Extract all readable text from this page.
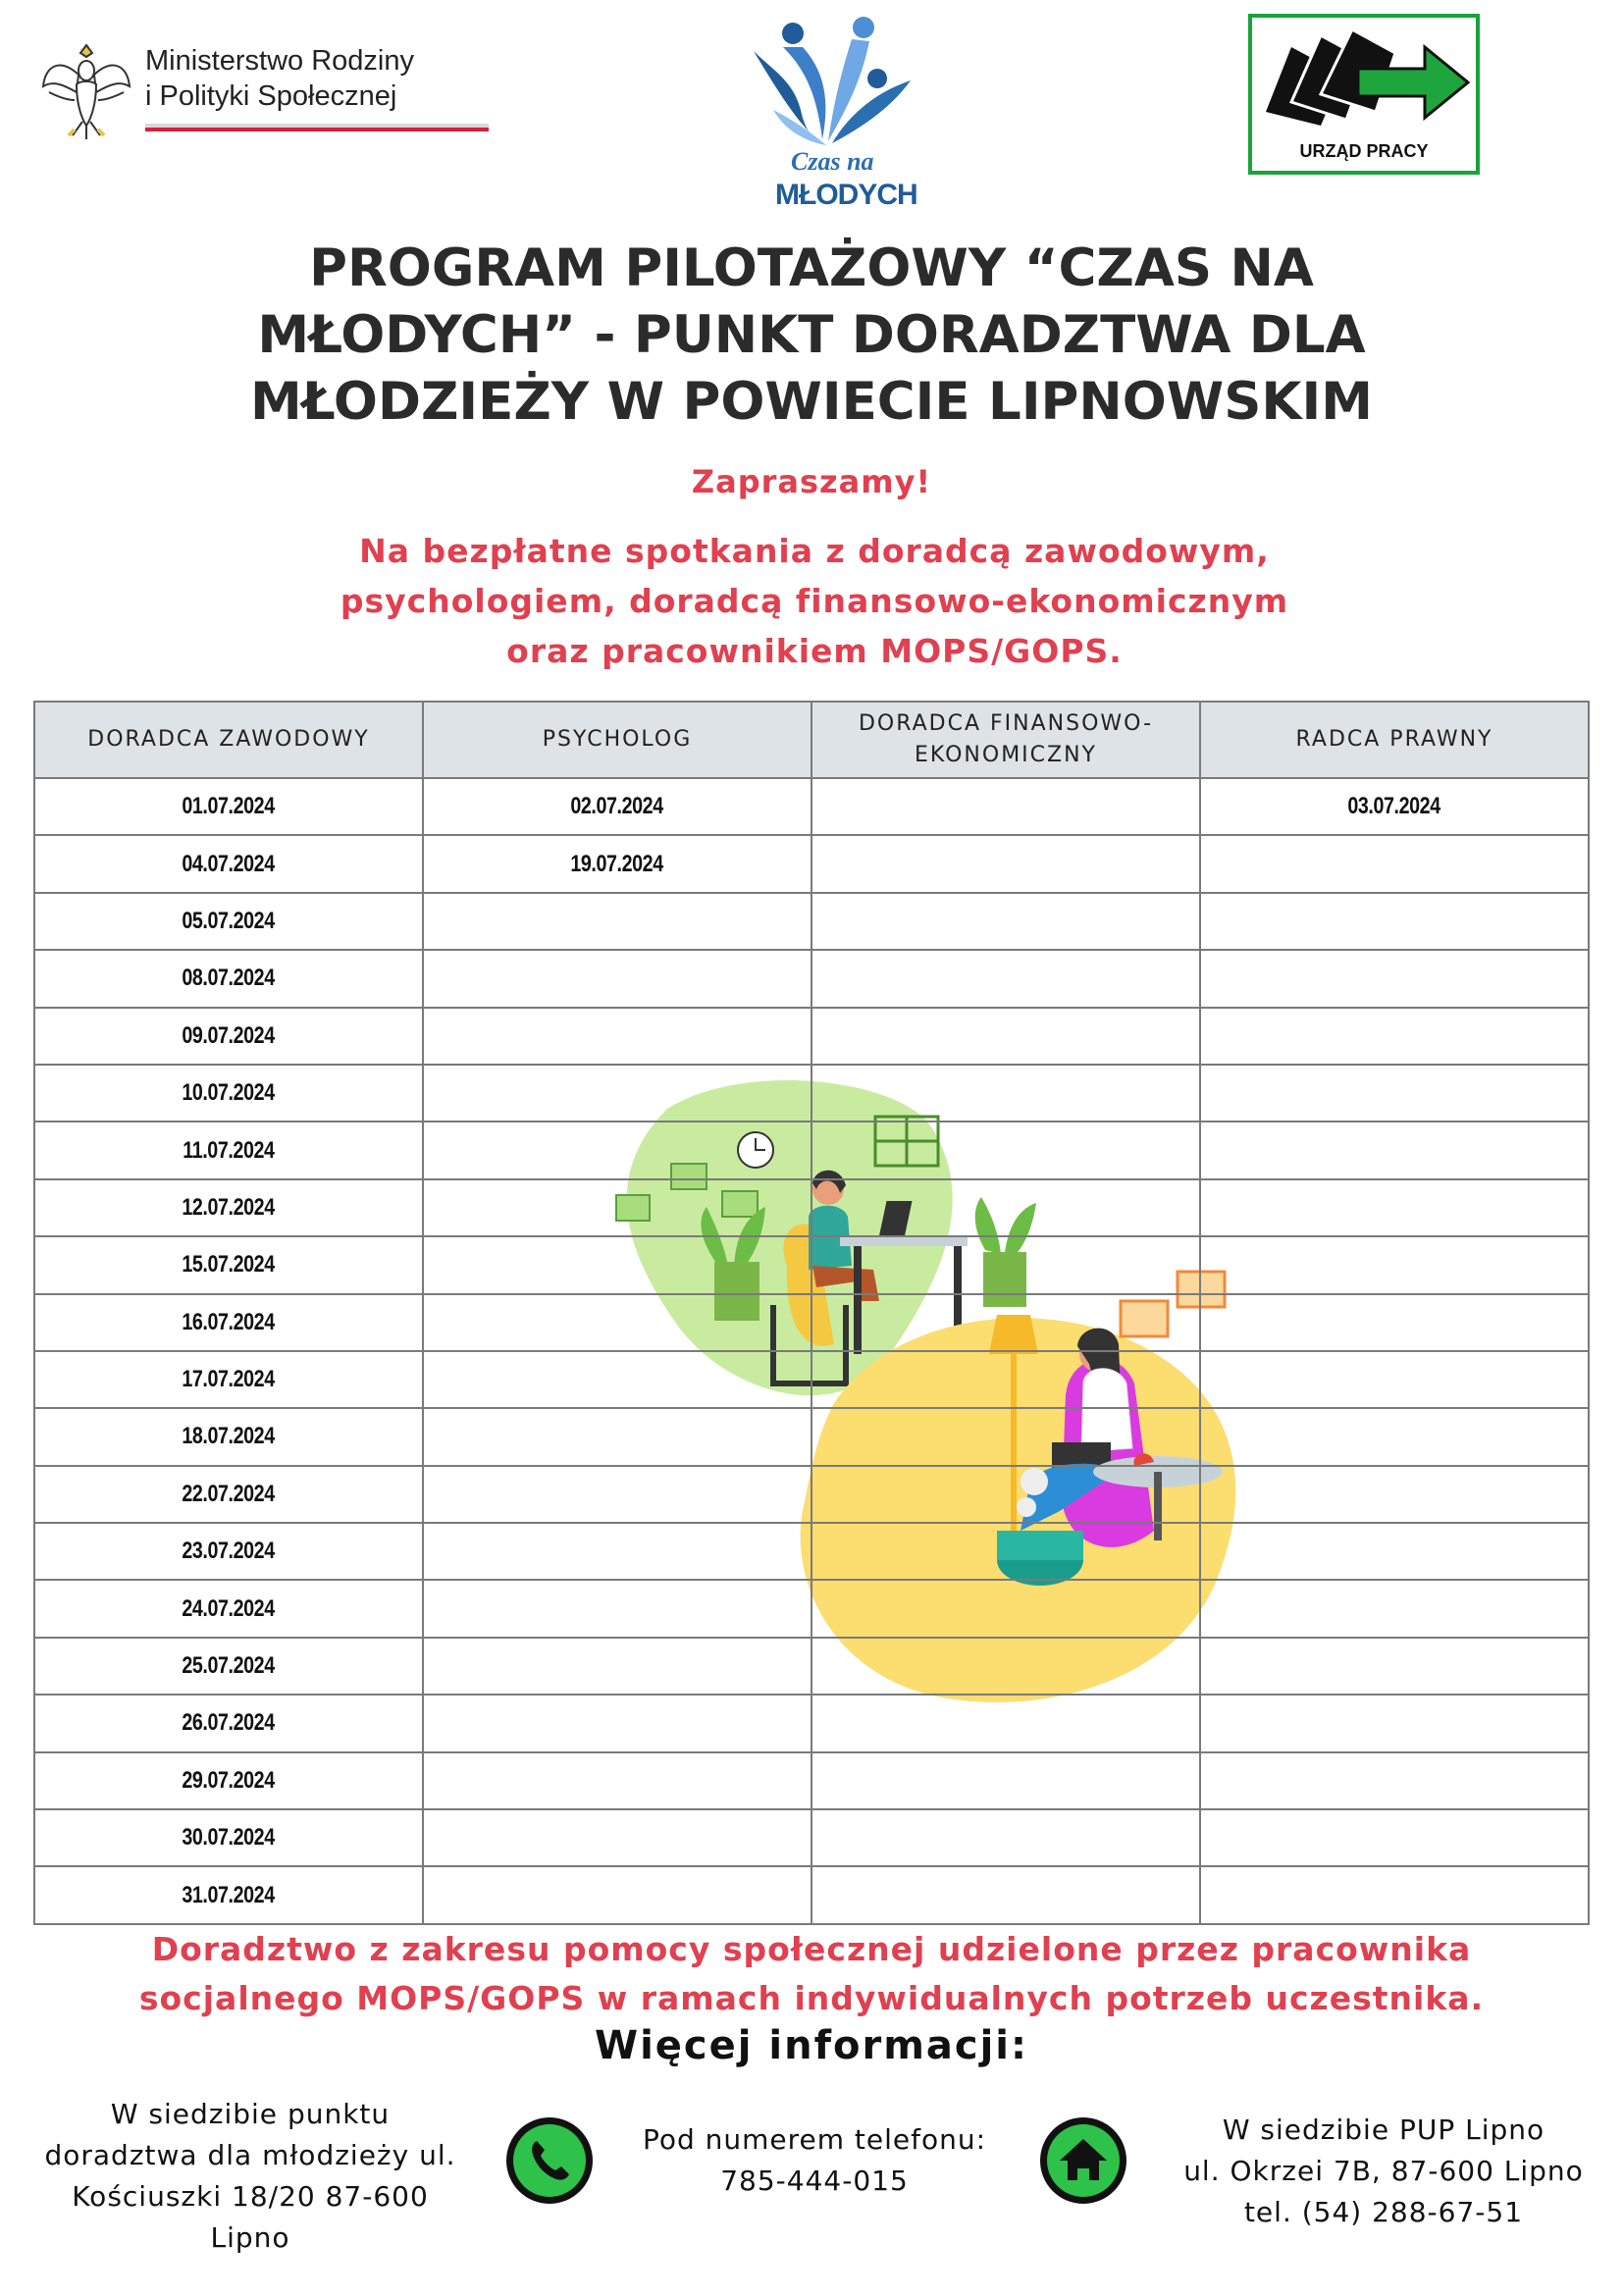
Ministerstwo Rodziny
i Polityki Społecznej
Czas na
MŁODYCH
URZĄD PRACY
PROGRAM PILOTAŻOWY “CZAS NA
MŁODYCH” - PUNKT DORADZTWA DLA
MŁODZIEŻY W POWIECIE LIPNOWSKIM
Zapraszamy!
Na bezpłatne spotkania z doradcą zawodowym,
psychologiem, doradcą finansowo-ekonomicznym
oraz pracownikiem MOPS/GOPS.
DORADCA ZAWODOWY	PSYCHOLOG	DORADCA FINANSOWO-EKONOMICZNY	RADCA PRAWNY
01.07.2024	02.07.2024		03.07.2024
04.07.2024	19.07.2024		
05.07.2024			
08.07.2024			
09.07.2024			
10.07.2024			
11.07.2024			
12.07.2024			
15.07.2024			
16.07.2024			
17.07.2024			
18.07.2024			
22.07.2024			
23.07.2024			
24.07.2024			
25.07.2024			
26.07.2024			
29.07.2024			
30.07.2024			
31.07.2024			
Doradztwo z zakresu pomocy społecznej udzielone przez pracownika
socjalnego MOPS/GOPS w ramach indywidualnych potrzeb uczestnika.
Więcej informacji:
W siedzibie punktu
doradztwa dla młodzieży ul.
Kościuszki 18/20 87-600
Lipno
Pod numerem telefonu:
785-444-015
W siedzibie PUP Lipno
ul. Okrzei 7B, 87-600 Lipno
tel. (54) 288-67-51
